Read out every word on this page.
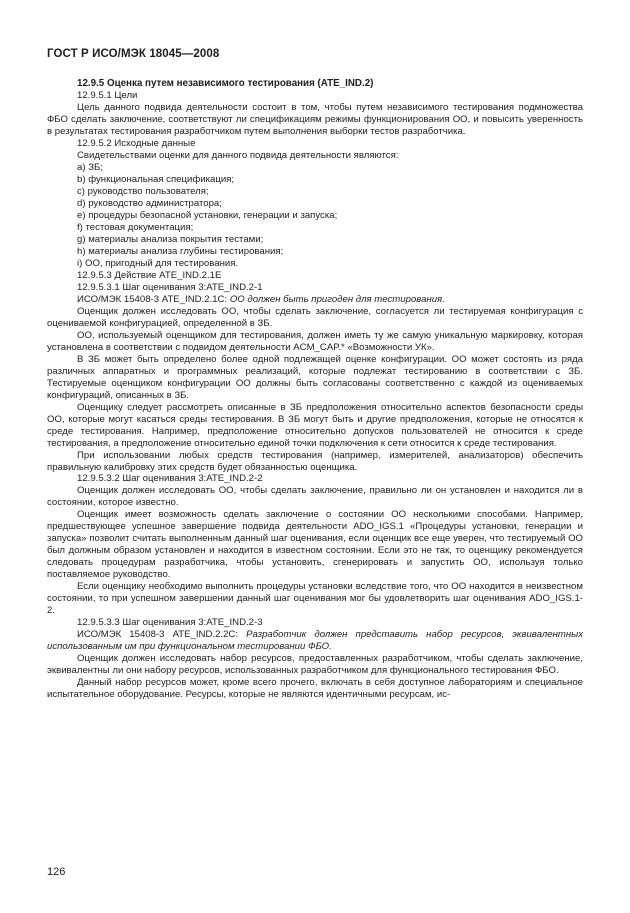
ГОСТ Р ИСО/МЭК 18045—2008

12.9.5 Оценка путем независимого тестирования (ATE_IND.2)

12.9.5.1 Цели

Цель данного подвида деятельности состоит в том, чтобы путем независимого тестирования подмножества ФБО сделать заключение, соответствуют ли спецификациям режимы функционирования ОО, и повысить уверенность в результатах тестирования разработчиком путем выполнения выборки тестов разработчика.

12.9.5.2 Исходные данные

Свидетельствами оценки для данного подвида деятельности являются:

a) ЗБ;

b) функциональная спецификация;

c) руководство пользователя;

d) руководство администратора;

e) процедуры безопасной установки, генерации и запуска;

f) тестовая документация;

g) материалы анализа покрытия тестами;

h) материалы анализа глубины тестирования;

i) ОО, пригодный для тестирования.

12.9.5.3 Действие ATE_IND.2.1E

12.9.5.3.1 Шаг оценивания 3:ATE_IND.2-1

ИСО/МЭК 15408-3 ATE_IND.2.1C: ОО должен быть пригоден для тестирования.

Оценщик должен исследовать ОО, чтобы сделать заключение, согласуется ли тестируемая конфигурация с оцениваемой конфигурацией, определенной в ЗБ.

ОО, используемый оценщиком для тестирования, должен иметь ту же самую уникальную маркировку, которая установлена в соответствии с подвидом деятельности ACM_CAP.* «Возможности УК».

В ЗБ может быть определено более одной подлежащей оценке конфигурации. ОО может состоять из ряда различных аппаратных и программных реализаций, которые подлежат тестированию в соответствии с ЗБ. Тестируемые оценщиком конфигурации ОО должны быть согласованы соответственно с каждой из оцениваемых конфигураций, описанных в ЗБ.

Оценщику следует рассмотреть описанные в ЗБ предположения относительно аспектов безопасности среды ОО, которые могут касаться среды тестирования. В ЗБ могут быть и другие предположения, которые не относятся к среде тестирования. Например, предположение относительно допусков пользователей не относится к среде тестирования, а предположение относительно единой точки подключения к сети относится к среде тестирования.

При использовании любых средств тестирования (например, измерителей, анализаторов) обеспечить правильную калибровку этих средств будет обязанностью оценщика.

12.9.5.3.2 Шаг оценивания 3:ATE_IND.2-2

Оценщик должен исследовать ОО, чтобы сделать заключение, правильно ли он установлен и находится ли в состоянии, которое известно.

Оценщик имеет возможность сделать заключение о состоянии ОО несколькими способами. Например, предшествующее успешное завершение подвида деятельности ADO_IGS.1 «Процедуры установки, генерации и запуска» позволит считать выполненным данный шаг оценивания, если оценщик все еще уверен, что тестируемый ОО был должным образом установлен и находится в известном состоянии. Если это не так, то оценщику рекомендуется следовать процедурам разработчика, чтобы установить, сгенерировать и запустить ОО, используя только поставляемое руководство.

Если оценщику необходимо выполнить процедуры установки вследствие того, что ОО находится в неизвестном состоянии, то при успешном завершении данный шаг оценивания мог бы удовлетворить шаг оценивания ADO_IGS.1-2.

12.9.5.3.3 Шаг оценивания 3:ATE_IND.2-3

ИСО/МЭК 15408-3 ATE_IND.2.2C: Разработчик должен представить набор ресурсов, эквивалентных использованным им при функциональном тестировании ФБО.

Оценщик должен исследовать набор ресурсов, предоставленных разработчиком, чтобы сделать заключение, эквивалентны ли они набору ресурсов, использованных разработчиком для функционального тестирования ФБО.

Данный набор ресурсов может, кроме всего прочего, включать в себя доступное лабораториям и специальное испытательное оборудование. Ресурсы, которые не являются идентичными ресурсам, ис-

126
